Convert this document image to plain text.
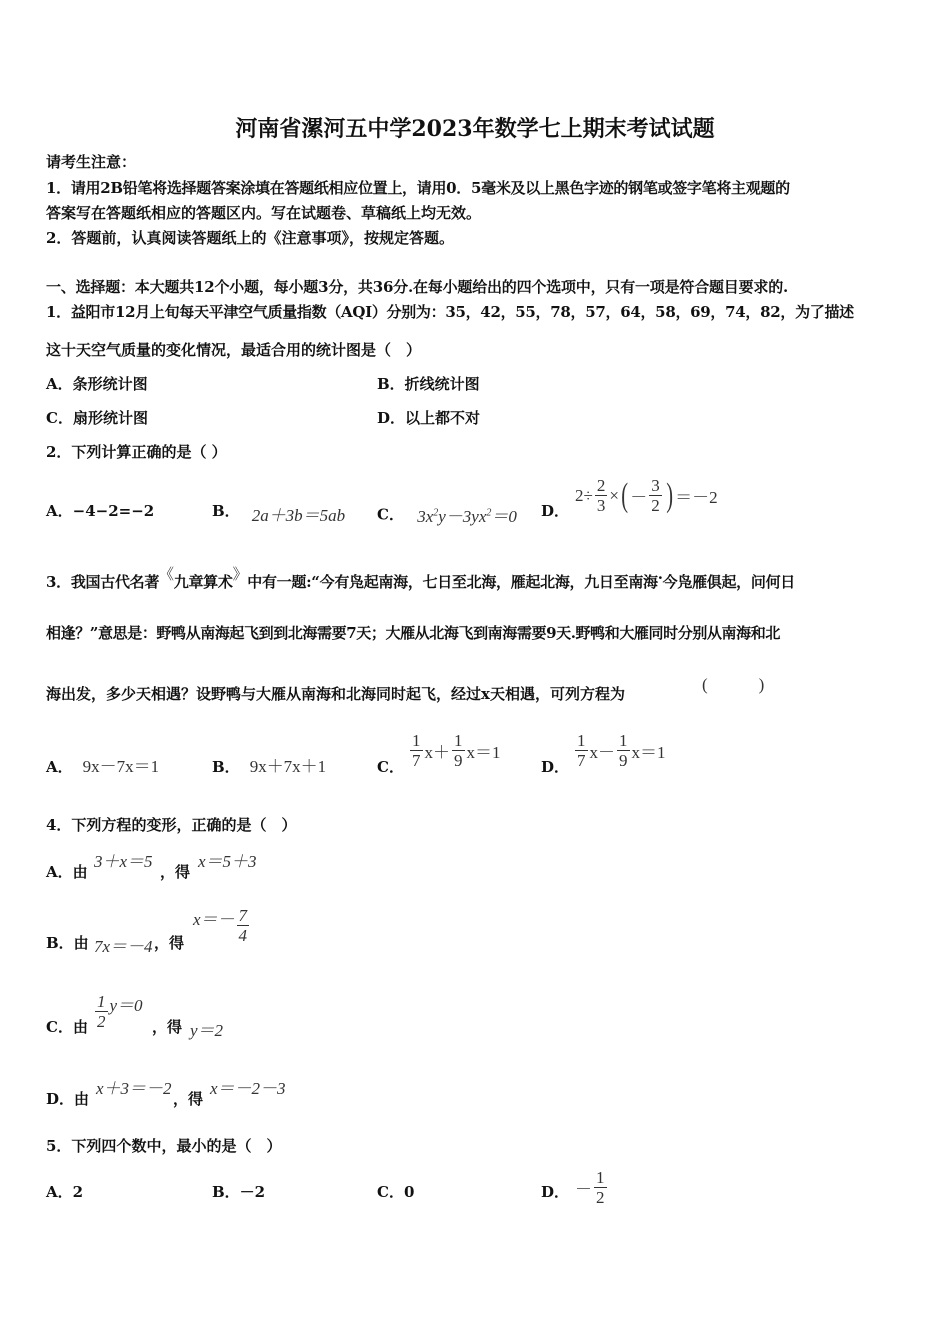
河南省漯河五中学2023年数学七上期末考试试题
请考生注意：
1．请用2B铅笔将选择题答案涂填在答题纸相应位置上，请用0．5毫米及以上黑色字迹的钢笔或签字笔将主观题的
答案写在答题纸相应的答题区内。写在试题卷、草稿纸上均无效。
2．答题前，认真阅读答题纸上的《注意事项》，按规定答题。
一、选择题：本大题共12个小题，每小题3分，共36分.在每小题给出的四个选项中，只有一项是符合题目要求的.
1．益阳市12月上旬每天平津空气质量指数（AQI）分别为：35，42，55，78，57，64，58，69，74，82，为了描述
这十天空气质量的变化情况，最适合用的统计图是（　）
A．条形统计图	B．折线统计图
C．扇形统计图	D．以上都不对
2．下列计算正确的是（ ）
A．−4−2=−2	B． 2a＋3b＝5ab C． $3x^2y-3yx^2=0$ D．
$2\div \frac{2}{3}$ × ( － $\frac{3}{2}$ ) ＝－2
3．我国古代名著《九章算术》中有一题:“今有凫起南海，七日至北海，雁起北海，九日至南海.今凫雁俱起，问何日
相逢？”意思是：野鸭从南海起飞到到北海需要7天；大雁从北海飞到南海需要9天.野鸭和大雁同时分别从南海和北
海出发，多少天相遇？设野鸭与大雁从南海和北海同时起飞，经过x天相遇，可列方程为	(　　　)
A． 9x－7x＝1	B． 9x＋7x＋1	C． $\frac{1}{7} x+ \frac{1}{9} x=1$
D． $\frac{1}{7} x- \frac{1}{9} x=1$
4．下列方程的变形，正确的是（　）
A．由
3＋x＝5
，得
x＝5＋3
B．由 7x＝－4 ，得
$x=- \frac{7}{4}$
C．由 $\frac{1}{2} y=0$
，得 y＝2
D．由
x＋3＝－2
，得
x＝－2－3
5．下列四个数中，最小的是（　）
A．2	B．－2	C．0	D． － $\frac{1}{2}$
